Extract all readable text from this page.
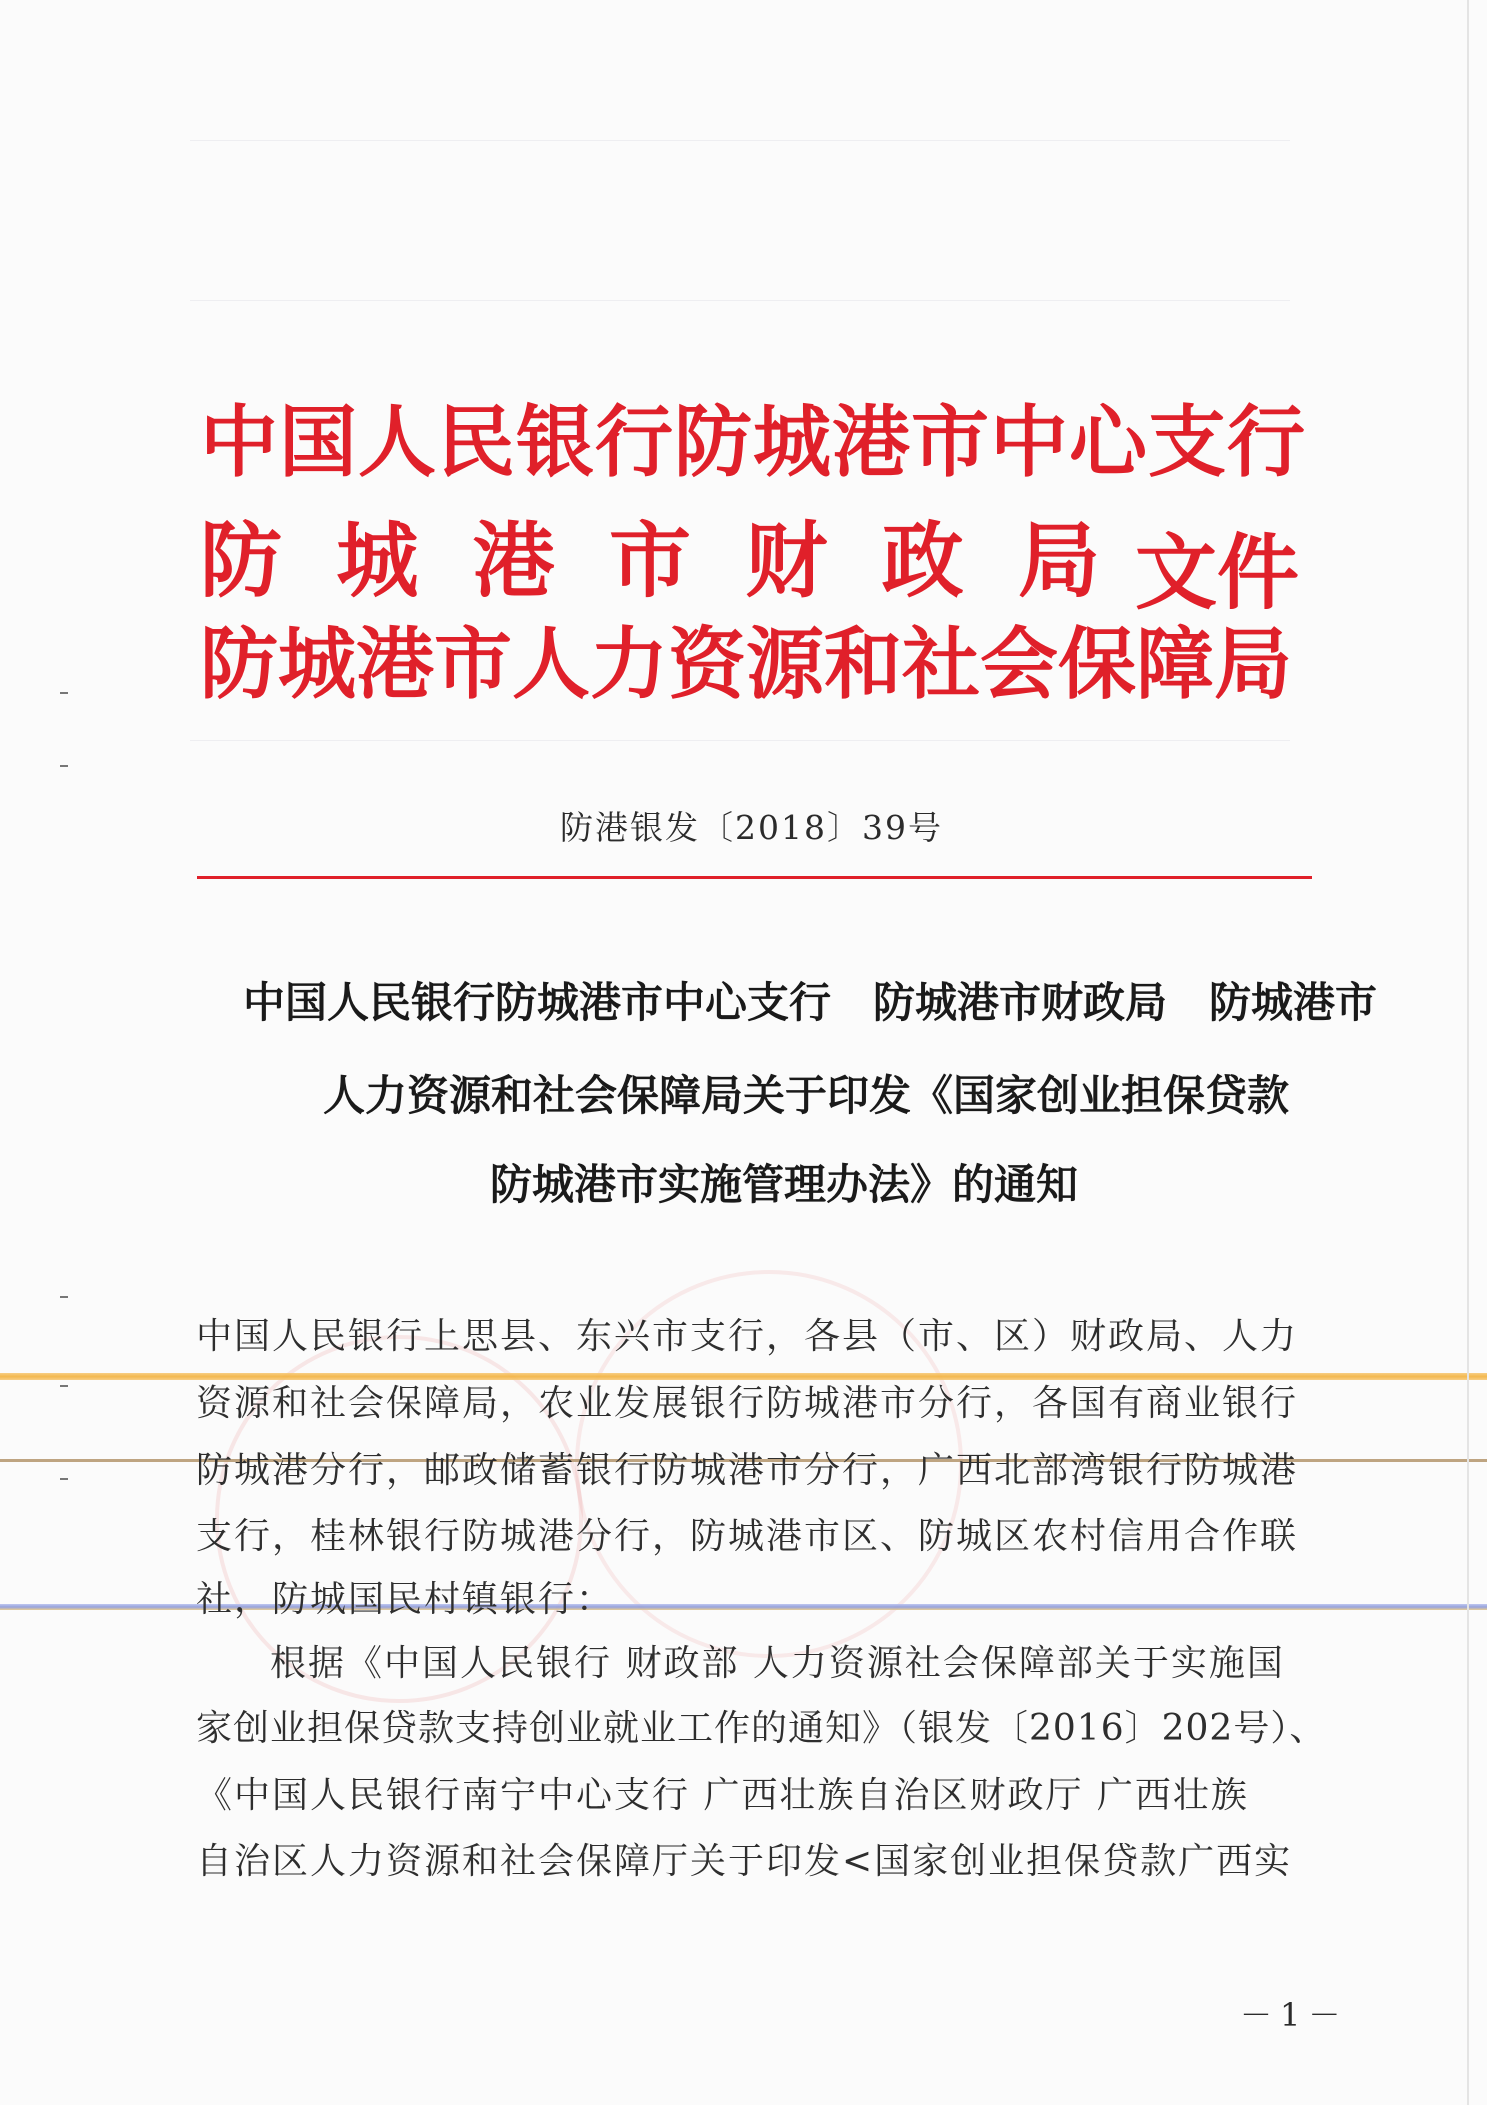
中国人民银行防城港市中心支行
防 城 港 市 财 政 局 文件
防城港市人力资源和社会保障局
防港银发〔2018〕39号
中国人民银行防城港市中心支行　防城港市财政局　防城港市
人力资源和社会保障局关于印发《国家创业担保贷款
防城港市实施管理办法》的通知
中国人民银行上思县、东兴市支行，各县（市、区）财政局、人力
资源和社会保障局，农业发展银行防城港市分行，各国有商业银行
防城港分行，邮政储蓄银行防城港市分行，广西北部湾银行防城港
支行，桂林银行防城港分行，防城港市区、防城区农村信用合作联
社，防城国民村镇银行：
根据《中国人民银行 财政部 人力资源社会保障部关于实施国
家创业担保贷款支持创业就业工作的通知》（银发〔2016〕202号）、
《中国人民银行南宁中心支行 广西壮族自治区财政厅 广西壮族
自治区人力资源和社会保障厅关于印发<国家创业担保贷款广西实
－1－
